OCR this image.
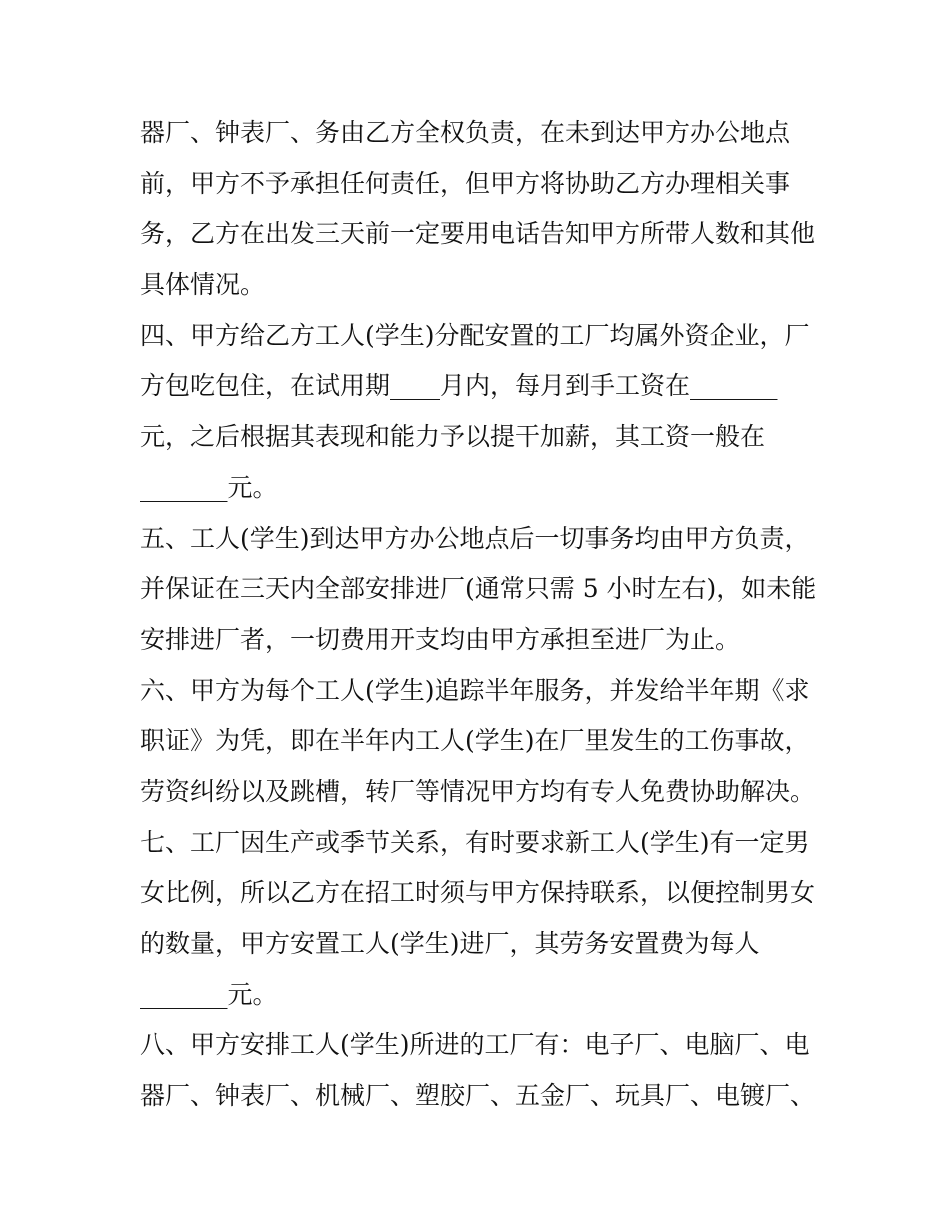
器厂、钟表厂、务由乙方全权负责，在未到达甲方办公地点
前，甲方不予承担任何责任，但甲方将协助乙方办理相关事
务，乙方在出发三天前一定要用电话告知甲方所带人数和其他
具体情况。
四、甲方给乙方工人(学生)分配安置的工厂均属外资企业，厂
方包吃包住，在试用期____月内，每月到手工资在_______
元，之后根据其表现和能力予以提干加薪，其工资一般在
_______元。
五、工人(学生)到达甲方办公地点后一切事务均由甲方负责，
并保证在三天内全部安排进厂(通常只需 5 小时左右)，如未能
安排进厂者，一切费用开支均由甲方承担至进厂为止。
六、甲方为每个工人(学生)追踪半年服务，并发给半年期《求
职证》为凭，即在半年内工人(学生)在厂里发生的工伤事故，
劳资纠纷以及跳槽，转厂等情况甲方均有专人免费协助解决。
七、工厂因生产或季节关系，有时要求新工人(学生)有一定男
女比例，所以乙方在招工时须与甲方保持联系，以便控制男女
的数量，甲方安置工人(学生)进厂，其劳务安置费为每人
_______元。
八、甲方安排工人(学生)所进的工厂有：电子厂、电脑厂、电
器厂、钟表厂、机械厂、塑胶厂、五金厂、玩具厂、电镀厂、
